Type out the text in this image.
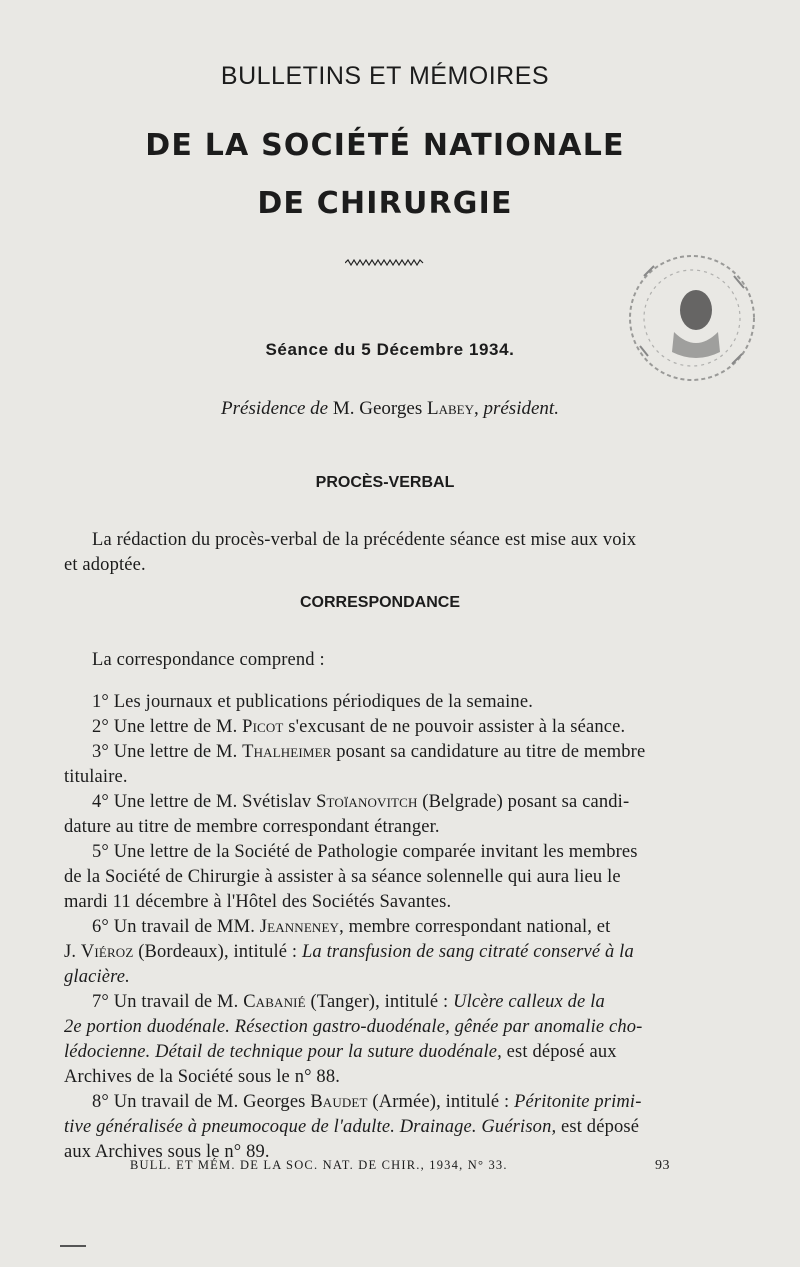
BULLETINS ET MÉMOIRES
DE LA SOCIÉTÉ NATIONALE
DE CHIRURGIE
Séance du 5 Décembre 1934.
Présidence de M. Georges Labey, président.
PROCÈS-VERBAL
La rédaction du procès-verbal de la précédente séance est mise aux voix
et adoptée.
CORRESPONDANCE
La correspondance comprend :
1° Les journaux et publications périodiques de la semaine.
2° Une lettre de M. Picot s'excusant de ne pouvoir assister à la séance.
3° Une lettre de M. Thalheimer posant sa candidature au titre de membre
titulaire.
4° Une lettre de M. Svétislav Stoïanovitch (Belgrade) posant sa candi-
dature au titre de membre correspondant étranger.
5° Une lettre de la Société de Pathologie comparée invitant les membres
de la Société de Chirurgie à assister à sa séance solennelle qui aura lieu le
mardi 11 décembre à l'Hôtel des Sociétés Savantes.
6° Un travail de MM. Jeanneney, membre correspondant national, et
J. Viéroz (Bordeaux), intitulé : La transfusion de sang citraté conservé à la
glacière.
7° Un travail de M. Cabanié (Tanger), intitulé : Ulcère calleux de la
2e portion duodénale. Résection gastro-duodénale, gênée par anomalie cho-
lédocienne. Détail de technique pour la suture duodénale, est déposé aux
Archives de la Société sous le n° 88.
8° Un travail de M. Georges Baudet (Armée), intitulé : Péritonite primi-
tive généralisée à pneumocoque de l'adulte. Drainage. Guérison, est déposé
aux Archives sous le n° 89.
BULL. ET MÉM. DE LA SOC. NAT. DE CHIR., 1934, N° 33.	93
